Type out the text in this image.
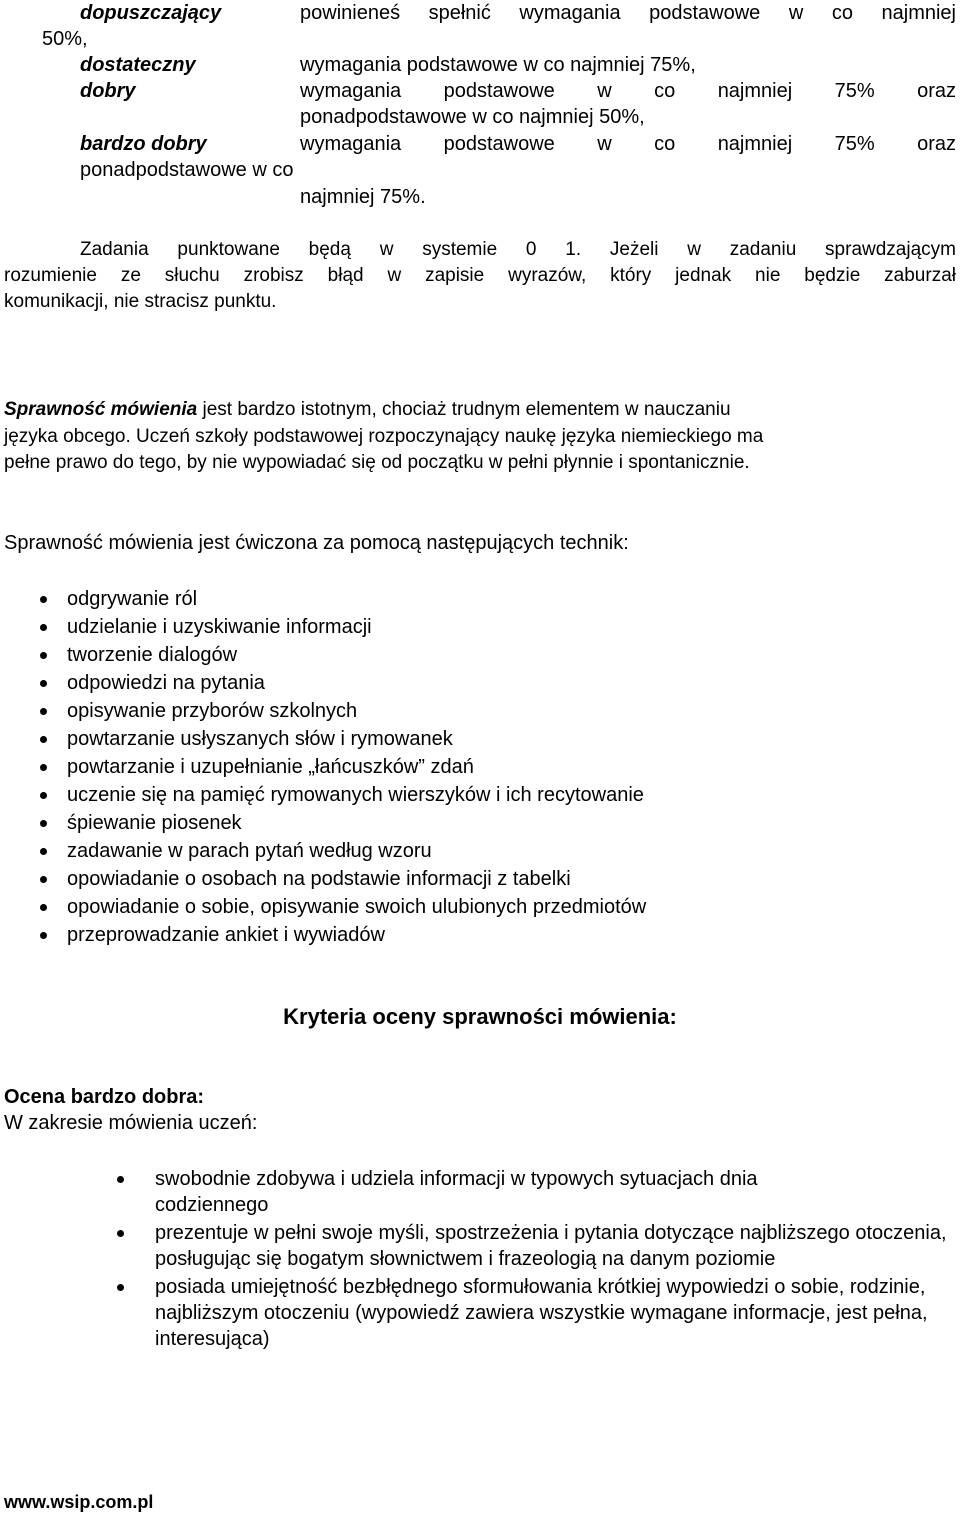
dopuszczający	powinieneś spełnić wymagania podstawowe w co najmniej
50%,
dostateczny	wymagania podstawowe w co najmniej 75%,
dobry	wymagania podstawowe w co najmniej 75% oraz
ponadpodstawowe w co najmniej 50%,
bardzo dobry	wymagania podstawowe w co najmniej 75% oraz
ponadpodstawowe w co
najmniej 75%.
Zadania punktowane będą w systemie 0 1. Jeżeli w zadaniu sprawdzającym
rozumienie ze słuchu zrobisz błąd w zapisie wyrazów, który jednak nie będzie zaburzał
komunikacji, nie stracisz punktu.
Sprawność mówienia jest bardzo istotnym, chociaż trudnym elementem w nauczaniu
języka obcego. Uczeń szkoły podstawowej rozpoczynający naukę języka niemieckiego ma
pełne prawo do tego, by nie wypowiadać się od początku w pełni płynnie i spontanicznie.
Sprawność mówienia jest ćwiczona za pomocą następujących technik:
odgrywanie ról
udzielanie i uzyskiwanie informacji
tworzenie dialogów
odpowiedzi na pytania
opisywanie przyborów szkolnych
powtarzanie usłyszanych słów i rymowanek
powtarzanie i uzupełnianie „łańcuszków” zdań
uczenie się na pamięć rymowanych wierszyków i ich recytowanie
śpiewanie piosenek
zadawanie w parach pytań według wzoru
opowiadanie o osobach na podstawie informacji z tabelki
opowiadanie o sobie, opisywanie swoich ulubionych przedmiotów
przeprowadzanie ankiet i wywiadów
Kryteria oceny sprawności mówienia:
Ocena bardzo dobra:
W zakresie mówienia uczeń:
swobodnie zdobywa i udziela informacji w typowych sytuacjach dnia codziennego
prezentuje w pełni swoje myśli, spostrzeżenia i pytania dotyczące najbliższego otoczenia, posługując się bogatym słownictwem i frazeologią na danym poziomie
posiada umiejętność bezbłędnego sformułowania krótkiej wypowiedzi o sobie, rodzinie, najbliższym otoczeniu (wypowiedź zawiera wszystkie wymagane informacje, jest pełna, interesująca)
www.wsip.com.pl
